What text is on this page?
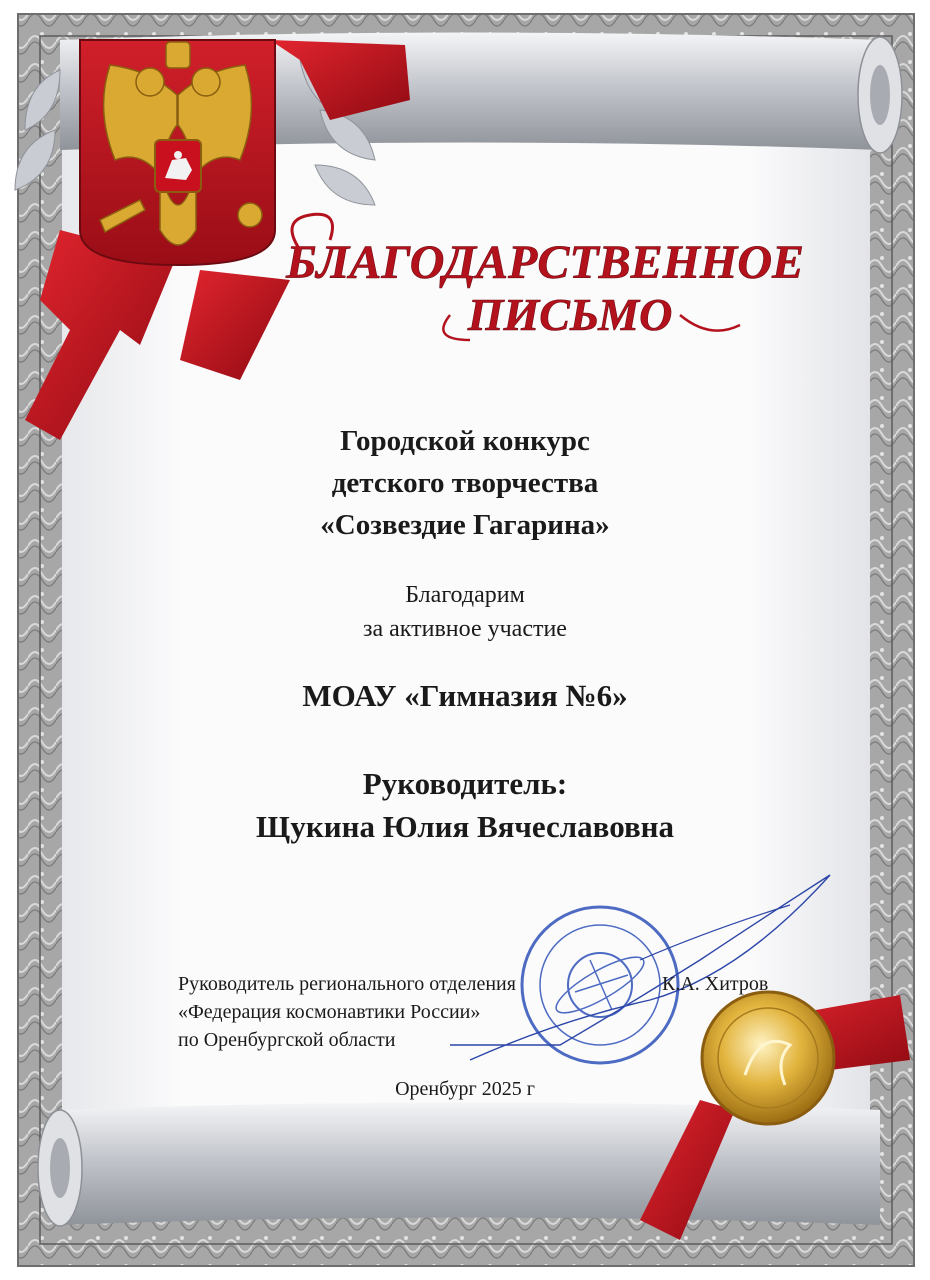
БЛАГОДАРСТВЕННОЕ
ПИСЬМО
Городской конкурс
детского творчества
«Созвездие Гагарина»
Благодарим
за активное участие
МОАУ «Гимназия №6»
Руководитель:
Щукина Юлия Вячеславовна
Руководитель регионального отделения
«Федерация космонавтики России»
по Оренбургской области
К.А. Хитров
Оренбург 2025 г
